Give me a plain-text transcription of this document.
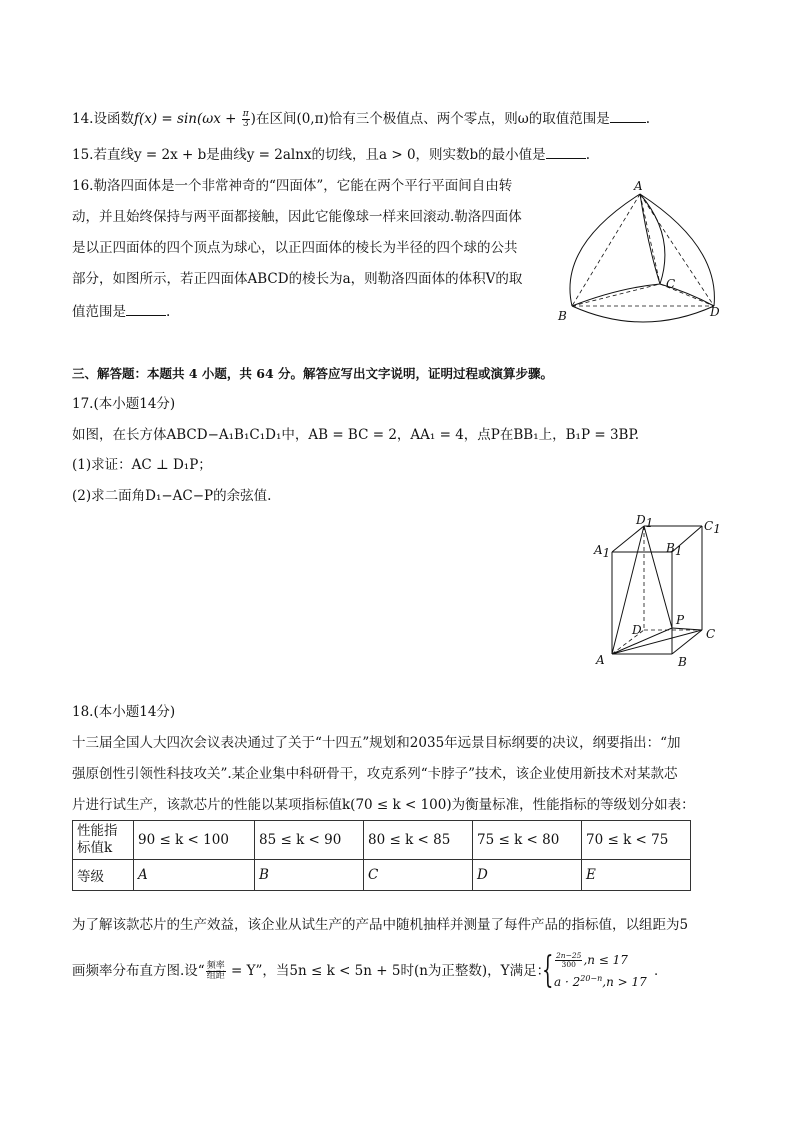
14.设函数$f(x) = \sin(\omega x + \frac{\pi}{3}$ )在区间(0,π)恰有三个极值点、两个零点，则ω的取值范围是	.
15.若直线y = 2x + b是曲线y = 2alnx的切线，且a > 0，则实数b的最小值是	.
16.勒洛四面体是一个非常神奇的“四面体”，它能在两个平行平面间自由转
动，并且始终保持与两平面都接触，因此它能像球一样来回滚动.勒洛四面体
是以正四面体的四个顶点为球心，以正四面体的棱长为半径的四个球的公共
部分，如图所示，若正四面体ABCD的棱长为a，则勒洛四面体的体积V的取
值范围是	.
A
B
C
D
三、解答题：本题共 4 小题，共 64 分。解答应写出文字说明，证明过程或演算步骤。
17.(本小题14分)
如图，在长方体ABCD−A₁B₁C₁D₁中，AB = BC = 2，AA₁ = 4，点P在BB₁上，B₁P = 3BP.
(1)求证：AC ⊥ D₁P；
(2)求二面角D₁−AC−P的余弦值.
D1	C1
A1	B1
D
P
C
A	B
18.(本小题14分)
十三届全国人大四次会议表决通过了关于“十四五”规划和2035年远景目标纲要的决议，纲要指出：“加
强原创性引领性科技攻关”.某企业集中科研骨干，攻克系列“卡脖子”技术，该企业使用新技术对某款芯
片进行试生产，该款芯片的性能以某项指标值k(70 ≤ k < 100)为衡量标准，性能指标的等级划分如表：
性能指
标值k	90 ≤ k < 100	85 ≤ k < 90	80 ≤ k < 85	75 ≤ k < 80	70 ≤ k < 75
等级	A	B	C	D	E
为了解该款芯片的生产效益，该企业从试生产的产品中随机抽样并测量了每件产品的指标值，以组距为5
画频率分布直方图.设“ $\frac{\text{频率}}{\text{组距}} = Y$”，当5n ≤ k < 5n + 5时(n为正整数)，Y满足：
{ $\frac{2n-25}{300} ,n \le 17$
$a \cdot 2^{20-n},n > 17$
.
